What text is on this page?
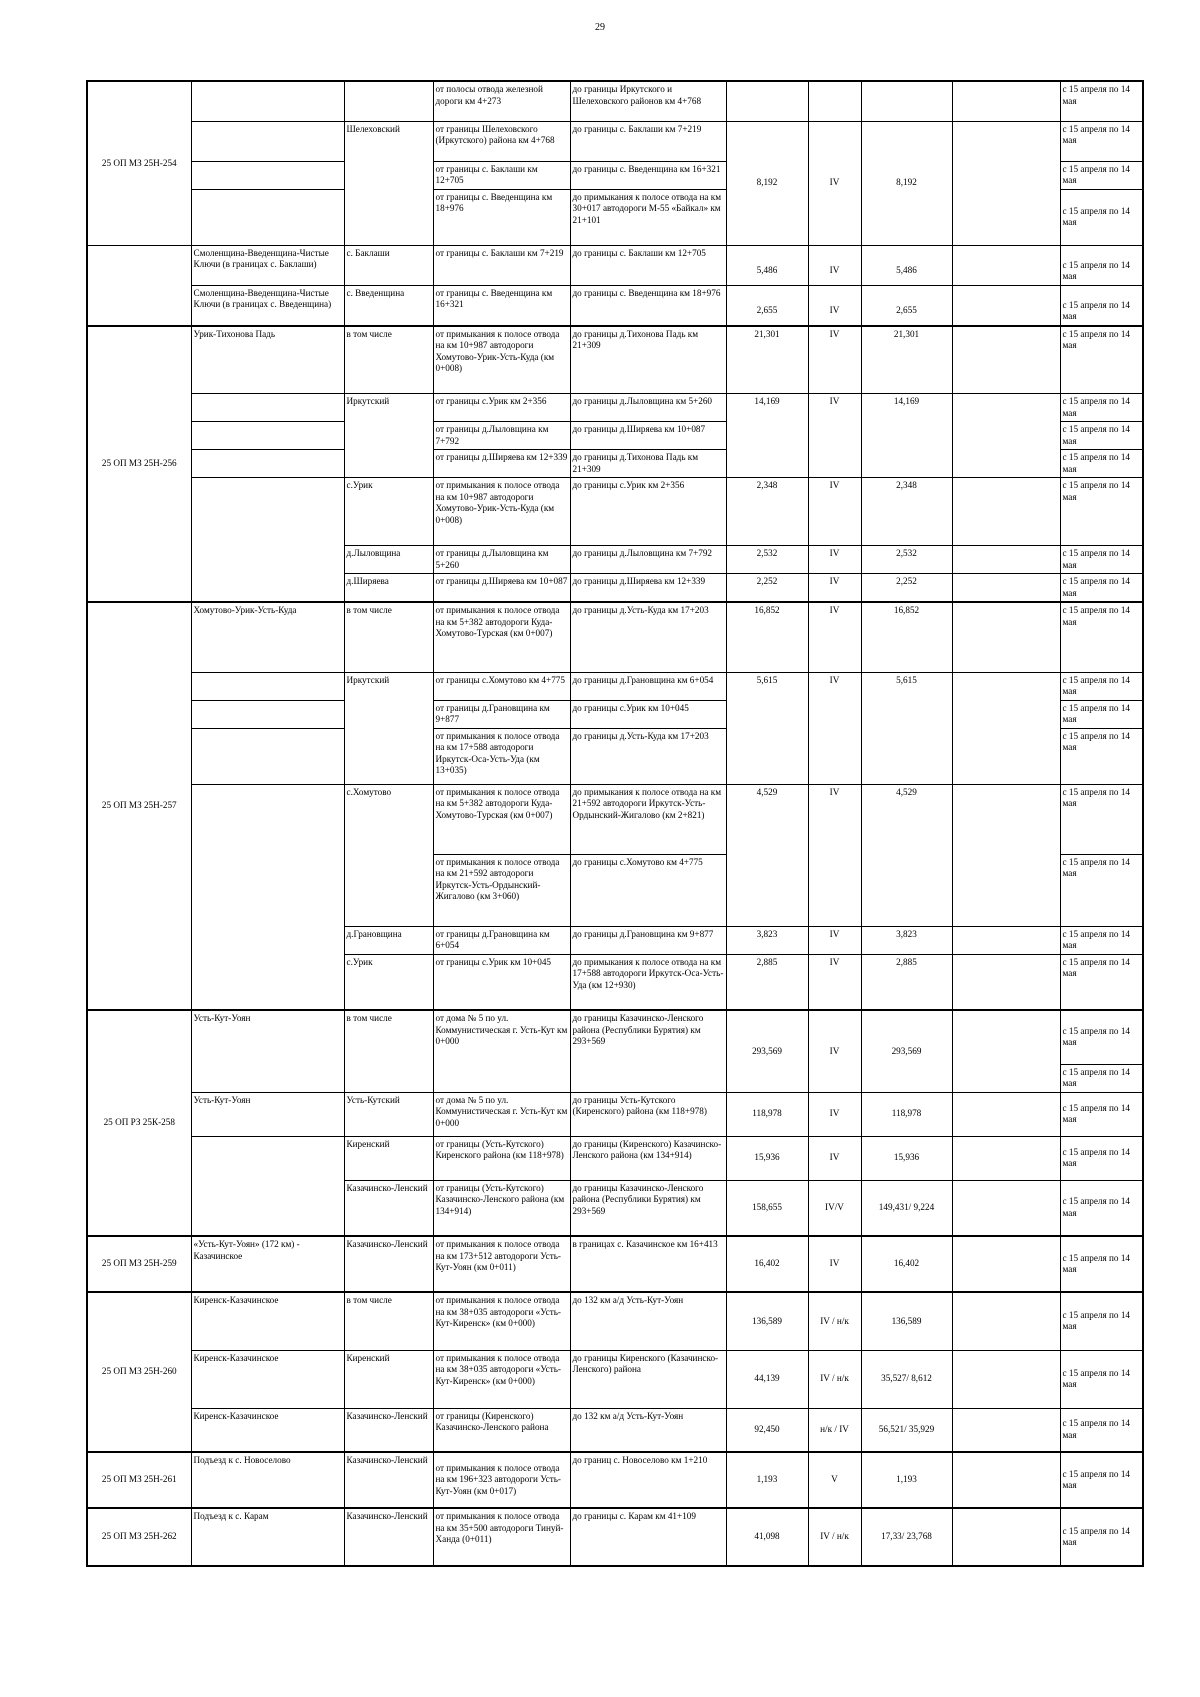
29
25 ОП МЗ 25Н-254			от полосы отвода железной дороги км 4+273	до границы Иркутского и Шелеховского районов км 4+768					с 15 апреля по 14 мая
		Шелеховский	от границы Шелеховского (Иркутского) района км 4+768	до границы с. Баклаши км 7+219	8,192	IV	8,192		с 15 апреля по 14 мая
			от границы с. Баклаши км 12+705	до границы с. Введенщина км 16+321					с 15 апреля по 14 мая
			от границы с. Введенщина км 18+976	до примыкания к полосе отвода на км 30+017 автодороги М-55 «Байкал» км 21+101					с 15 апреля по 14 мая
	Смоленщина-Введенщина-Чистые Ключи (в границах с. Баклаши)	с. Баклаши	от границы с. Баклаши км 7+219	до границы с. Баклаши км 12+705	5,486	IV	5,486		с 15 апреля по 14 мая
	Смоленщина-Введенщина-Чистые Ключи (в границах с. Введенщина)	с. Введенщина	от границы с. Введенщина км 16+321	до границы с. Введенщина км 18+976	2,655	IV	2,655		с 15 апреля по 14 мая
25 ОП МЗ 25Н-256	Урик-Тихонова Падь	в том числе	от примыкания к полосе отвода на км 10+987 автодороги Хомутово-Урик-Усть-Куда (км 0+008)	до границы д.Тихонова Падь км 21+309	21,301	IV	21,301		с 15 апреля по 14 мая
		Иркутский	от границы с.Урик км 2+356	до границы д.Лыловщина км 5+260	14,169	IV	14,169		с 15 апреля по 14 мая
			от границы д.Лыловщина км 7+792	до границы д.Ширяева км 10+087					с 15 апреля по 14 мая
			от границы д.Ширяева км 12+339	до границы д.Тихонова Падь км 21+309					с 15 апреля по 14 мая
		с.Урик	от примыкания к полосе отвода на км 10+987 автодороги Хомутово-Урик-Усть-Куда (км 0+008)	до границы с.Урик км 2+356	2,348	IV	2,348		с 15 апреля по 14 мая
		д.Лыловщина	от границы д.Лыловщина км 5+260	до границы д.Лыловщина км 7+792	2,532	IV	2,532		с 15 апреля по 14 мая
		д.Ширяева	от границы д.Ширяева км 10+087	до границы д.Ширяева км 12+339	2,252	IV	2,252		с 15 апреля по 14 мая
25 ОП МЗ 25Н-257	Хомутово-Урик-Усть-Куда	в том числе	от примыкания к полосе отвода на км 5+382 автодороги Куда-Хомутово-Турская (км 0+007)	до границы д.Усть-Куда км 17+203	16,852	IV	16,852		с 15 апреля по 14 мая
		Иркутский	от границы с.Хомутово км 4+775	до границы д.Грановщина км 6+054	5,615	IV	5,615		с 15 апреля по 14 мая
			от границы д.Грановщина км 9+877	до границы с.Урик км 10+045					с 15 апреля по 14 мая
			от примыкания к полосе отвода на км 17+588 автодороги Иркутск-Оса-Усть-Уда (км 13+035)	до границы д.Усть-Куда км 17+203					с 15 апреля по 14 мая
		с.Хомутово	от примыкания к полосе отвода на км 5+382 автодороги Куда-Хомутово-Турская (км 0+007)	до примыкания к полосе отвода на км 21+592 автодороги Иркутск-Усть-Ордынский-Жигалово (км 2+821)	4,529	IV	4,529		с 15 апреля по 14 мая
			от примыкания к полосе отвода на км 21+592 автодороги Иркутск-Усть-Ордынский-Жигалово (км 3+060)	до границы с.Хомутово км 4+775					с 15 апреля по 14 мая
		д.Грановщина	от границы д.Грановщина км 6+054	до границы д.Грановщина км 9+877	3,823	IV	3,823		с 15 апреля по 14 мая
		с.Урик	от границы с.Урик км 10+045	до примыкания к полосе отвода на км 17+588 автодороги Иркутск-Оса-Усть-Уда (км 12+930)	2,885	IV	2,885		с 15 апреля по 14 мая
25 ОП РЗ 25К-258	Усть-Кут-Уоян	в том числе	от дома № 5 по ул. Коммунистическая г. Усть-Кут км 0+000	до границы Казачинско-Ленского района (Республики Бурятия) км 293+569	293,569	IV	293,569		с 15 апреля по 14 мая
									с 15 апреля по 14 мая
	Усть-Кут-Уоян	Усть-Кутский	от дома № 5 по ул. Коммунистическая г. Усть-Кут км 0+000	до границы Усть-Кутского (Киренского) района (км 118+978)	118,978	IV	118,978		с 15 апреля по 14 мая
		Киренский	от границы (Усть-Кутского) Киренского района (км 118+978)	до границы (Киренского) Казачинско-Ленского района (км 134+914)	15,936	IV	15,936		с 15 апреля по 14 мая
		Казачинско-Ленский	от границы (Усть-Кутского) Казачинско-Ленского района (км 134+914)	до границы Казачинско-Ленского района (Республики Бурятия) км 293+569	158,655	IV/V	149,431/ 9,224		с 15 апреля по 14 мая
25 ОП МЗ 25Н-259	«Усть-Кут-Уоян» (172 км) - Казачинское	Казачинско-Ленский	от примыкания к полосе отвода на км 173+512 автодороги Усть-Кут-Уоян (км 0+011)	в границах с. Казачинское км 16+413	16,402	IV	16,402		с 15 апреля по 14 мая
25 ОП МЗ 25Н-260	Киренск-Казачинское	в том числе	от примыкания к полосе отвода на км 38+035 автодороги «Усть-Кут-Киренск» (км 0+000)	до 132 км а/д Усть-Кут-Уоян	136,589	IV / н/к	136,589		с 15 апреля по 14 мая
	Киренск-Казачинское	Киренский	от примыкания к полосе отвода на км 38+035 автодороги «Усть-Кут-Киренск» (км 0+000)	до границы Киренского (Казачинско-Ленского) района	44,139	IV / н/к	35,527/ 8,612		с 15 апреля по 14 мая
	Киренск-Казачинское	Казачинско-Ленский	от границы (Киренского) Казачинско-Ленского района	до 132 км а/д Усть-Кут-Уоян	92,450	н/к / IV	56,521/ 35,929		с 15 апреля по 14 мая
25 ОП МЗ 25Н-261	Подъезд к с. Новоселово	Казачинско-Ленский	от примыкания к полосе отвода на км 196+323 автодороги Усть-Кут-Уоян (км 0+017)	до границ с. Новоселово км 1+210	1,193	V	1,193		с 15 апреля по 14 мая
25 ОП МЗ 25Н-262	Подъезд к с. Карам	Казачинско-Ленский	от примыкания к полосе отвода на км 35+500 автодороги Тинуй-Ханда (0+011)	до границы с. Карам км 41+109	41,098	IV / н/к	17,33/ 23,768		с 15 апреля по 14 мая
